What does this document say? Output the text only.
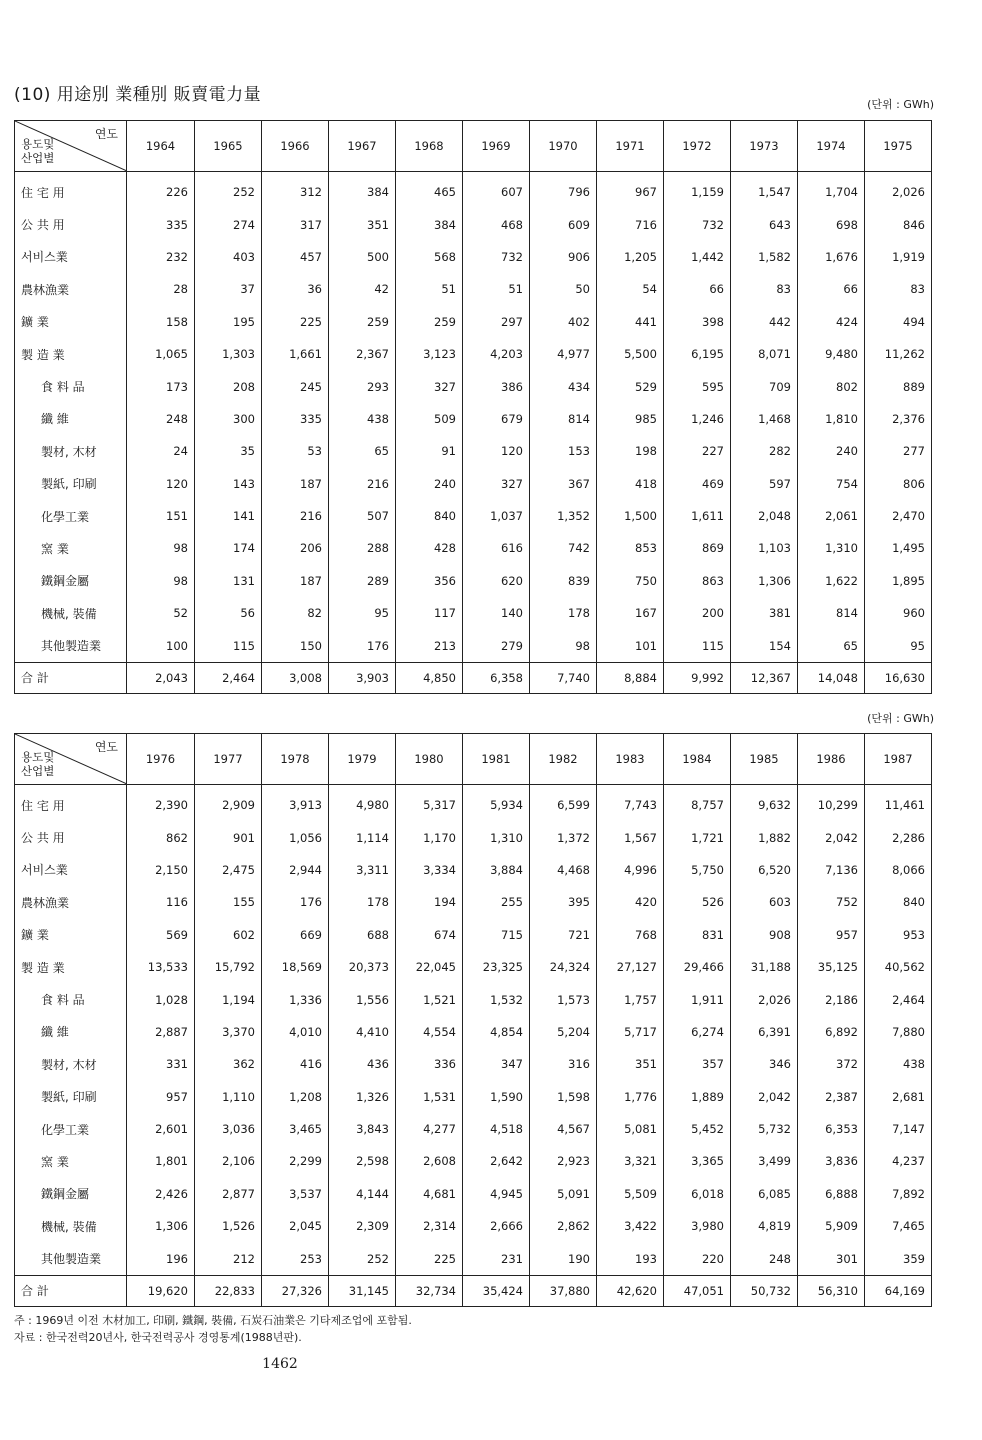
(10) 用途別 業種別 販賣電力量	(단위 : GWh)
연도
용도및
산업별	1964	1965	1966	1967	1968	1969	1970	1971	1972	1973	1974	1975
住 宅 用	226	252	312	384	465	607	796	967	1,159	1,547	1,704	2,026
公 共 用	335	274	317	351	384	468	609	716	732	643	698	846
서비스業	232	403	457	500	568	732	906	1,205	1,442	1,582	1,676	1,919
農林漁業	28	37	36	42	51	51	50	54	66	83	66	83
鑛 業	158	195	225	259	259	297	402	441	398	442	424	494
製 造 業	1,065	1,303	1,661	2,367	3,123	4,203	4,977	5,500	6,195	8,071	9,480	11,262
食 料 品	173	208	245	293	327	386	434	529	595	709	802	889
纖 維	248	300	335	438	509	679	814	985	1,246	1,468	1,810	2,376
製材, 木材	24	35	53	65	91	120	153	198	227	282	240	277
製紙, 印刷	120	143	187	216	240	327	367	418	469	597	754	806
化學工業	151	141	216	507	840	1,037	1,352	1,500	1,611	2,048	2,061	2,470
窯 業	98	174	206	288	428	616	742	853	869	1,103	1,310	1,495
鐵鋼金屬	98	131	187	289	356	620	839	750	863	1,306	1,622	1,895
機械, 裝備	52	56	82	95	117	140	178	167	200	381	814	960
其他製造業	100	115	150	176	213	279	98	101	115	154	65	95
合 計	2,043	2,464	3,008	3,903	4,850	6,358	7,740	8,884	9,992	12,367	14,048	16,630
(단위 : GWh)
연도
용도및
산업별	1976	1977	1978	1979	1980	1981	1982	1983	1984	1985	1986	1987
住 宅 用	2,390	2,909	3,913	4,980	5,317	5,934	6,599	7,743	8,757	9,632	10,299	11,461
公 共 用	862	901	1,056	1,114	1,170	1,310	1,372	1,567	1,721	1,882	2,042	2,286
서비스業	2,150	2,475	2,944	3,311	3,334	3,884	4,468	4,996	5,750	6,520	7,136	8,066
農林漁業	116	155	176	178	194	255	395	420	526	603	752	840
鑛 業	569	602	669	688	674	715	721	768	831	908	957	953
製 造 業	13,533	15,792	18,569	20,373	22,045	23,325	24,324	27,127	29,466	31,188	35,125	40,562
食 料 品	1,028	1,194	1,336	1,556	1,521	1,532	1,573	1,757	1,911	2,026	2,186	2,464
纖 維	2,887	3,370	4,010	4,410	4,554	4,854	5,204	5,717	6,274	6,391	6,892	7,880
製材, 木材	331	362	416	436	336	347	316	351	357	346	372	438
製紙, 印刷	957	1,110	1,208	1,326	1,531	1,590	1,598	1,776	1,889	2,042	2,387	2,681
化學工業	2,601	3,036	3,465	3,843	4,277	4,518	4,567	5,081	5,452	5,732	6,353	7,147
窯 業	1,801	2,106	2,299	2,598	2,608	2,642	2,923	3,321	3,365	3,499	3,836	4,237
鐵鋼金屬	2,426	2,877	3,537	4,144	4,681	4,945	5,091	5,509	6,018	6,085	6,888	7,892
機械, 裝備	1,306	1,526	2,045	2,309	2,314	2,666	2,862	3,422	3,980	4,819	5,909	7,465
其他製造業	196	212	253	252	225	231	190	193	220	248	301	359
合 計	19,620	22,833	27,326	31,145	32,734	35,424	37,880	42,620	47,051	50,732	56,310	64,169
주 : 1969년 이전 木材加工, 印刷, 鐵鋼, 裝備, 石炭石油業은 기타제조업에 포함됨.
자료 : 한국전력20년사, 한국전력공사 경영통계(1988년판).
1462
